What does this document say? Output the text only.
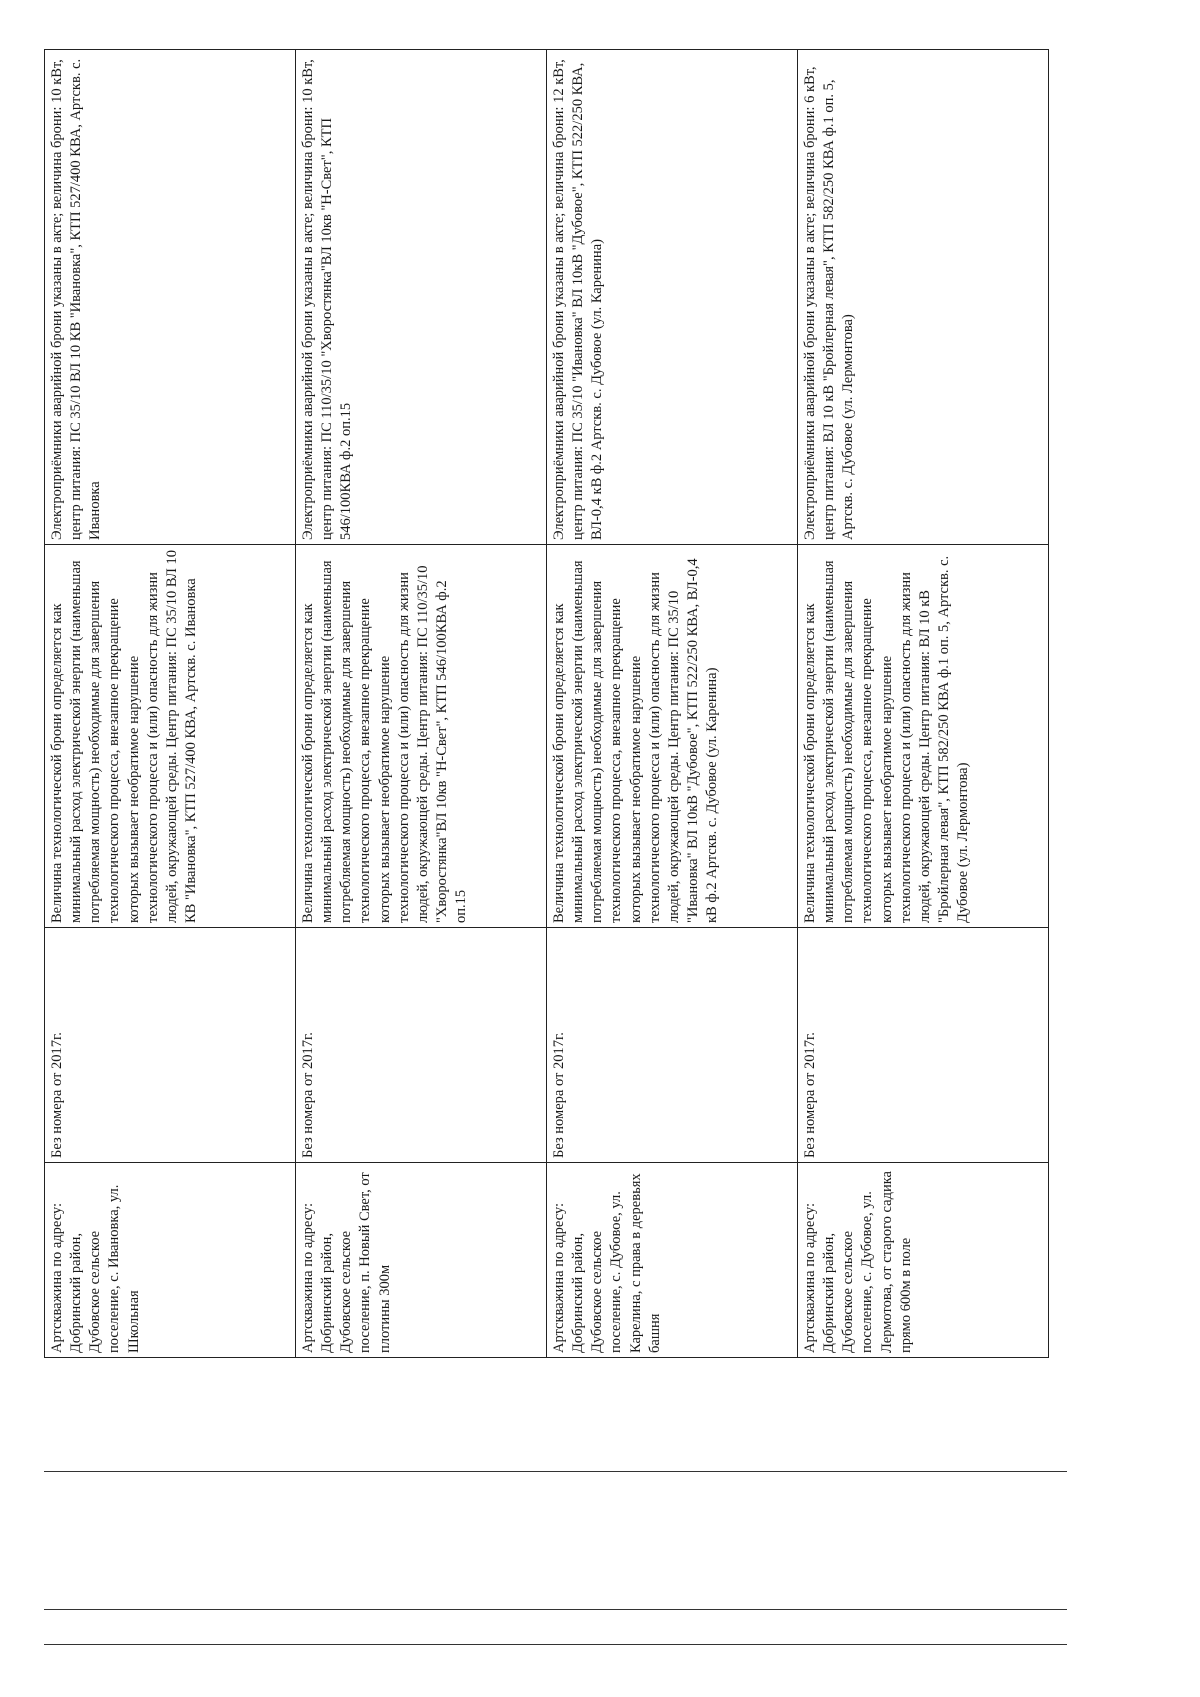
Артскважина по адресу: Добринский район, Дубовское сельское поселение, с. Ивановка, ул. Школьная	Без номера от 2017г.	Величина технологической брони определяется как минимальный расход электрической энергии (наименьшая потребляемая мощность) необходимые для завершения технологического процесса, внезапное прекращение которых вызывает необратимое нарушение технологического процесса и (или) опасность для жизни людей, окружающей среды. Центр питания: ПС 35/10 ВЛ 10 КВ "Ивановка", КТП 527/400 КВА, Артскв. с. Ивановка	Электроприёмники аварийной брони указаны в акте; величина брони: 10 кВт, центр питания: ПС 35/10 ВЛ 10 КВ "Ивановка", КТП 527/400 КВА, Артскв. с. Ивановка
Артскважина по адресу: Добринский район, Дубовское сельское поселение, п. Новый Свет, от плотины 300м	Без номера от 2017г.	Величина технологической брони определяется как минимальный расход электрической энергии (наименьшая потребляемая мощность) необходимые для завершения технологического процесса, внезапное прекращение которых вызывает необратимое нарушение технологического процесса и (или) опасность для жизни людей, окружающей среды. Центр питания: ПС 110/35/10 "Хворостянка"ВЛ 10кв "Н-Свет", КТП 546/100КВА ф.2 оп.15	Электроприёмники аварийной брони указаны в акте; величина брони: 10 кВт, центр питания: ПС 110/35/10 "Хворостянка"ВЛ 10кв "Н-Свет", КТП 546/100КВА ф.2 оп.15
Артскважина по адресу: Добринский район, Дубовское сельское поселение, с. Дубовое, ул. Карелина, с права в деревьях башня	Без номера от 2017г.	Величина технологической брони определяется как минимальный расход электрической энергии (наименьшая потребляемая мощность) необходимые для завершения технологического процесса, внезапное прекращение которых вызывает необратимое нарушение технологического процесса и (или) опасность для жизни людей, окружающей среды. Центр питания: ПС 35/10 "Ивановка" ВЛ 10кВ "Дубовое", КТП 522/250 КВА, ВЛ-0,4 кВ ф.2 Артскв. с. Дубовое (ул. Каренина)	Электроприёмники аварийной брони указаны в акте; величина брони: 12 кВт, центр питания: ПС 35/10 "Ивановка" ВЛ 10кВ "Дубовое", КТП 522/250 КВА, ВЛ-0,4 кВ ф.2 Артскв. с. Дубовое (ул. Каренина)
Артскважина по адресу: Добринский район, Дубовское сельское поселение, с. Дубовое, ул. Лермотова, от старого садика прямо 600м в поле	Без номера от 2017г.	Величина технологической брони определяется как минимальный расход электрической энергии (наименьшая потребляемая мощность) необходимые для завершения технологического процесса, внезапное прекращение которых вызывает необратимое нарушение технологического процесса и (или) опасность для жизни людей, окружающей среды. Центр питания: ВЛ 10 кВ "Бройлерная левая", КТП 582/250 КВА ф.1 оп. 5, Артскв. с. Дубовое (ул. Лермонтова)	Электроприёмники аварийной брони указаны в акте; величина брони: 6 кВт, центр питания: ВЛ 10 кВ "Бройлерная левая", КТП 582/250 КВА ф.1 оп. 5, Артскв. с. Дубовое (ул. Лермонтова)
